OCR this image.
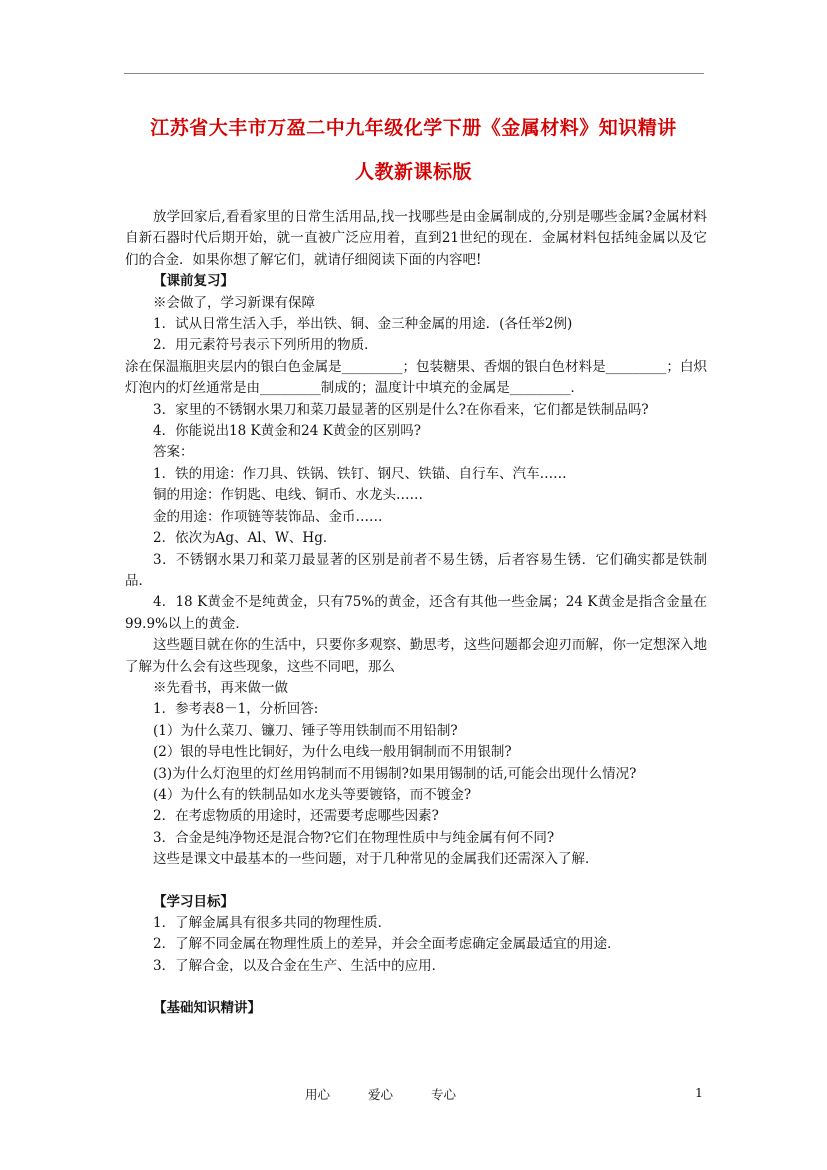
江苏省大丰市万盈二中九年级化学下册《金属材料》知识精讲
人教新课标版

放学回家后,看看家里的日常生活用品,找一找哪些是由金属制成的,分别是哪些金属?金属材料自新石器时代后期开始，就一直被广泛应用着，直到21世纪的现在．金属材料包括纯金属以及它们的合金．如果你想了解它们，就请仔细阅读下面的内容吧!

【课前复习】

※会做了，学习新课有保障

1．试从日常生活入手，举出铁、铜、金三种金属的用途．(各任举2例)

2．用元素符号表示下列所用的物质．

涂在保温瓶胆夹层内的银白色金属是_________；包装糖果、香烟的银白色材料是_________；白炽灯泡内的灯丝通常是由_________制成的；温度计中填充的金属是_________．

3．家里的不锈钢水果刀和菜刀最显著的区别是什么?在你看来，它们都是铁制品吗?

4．你能说出18 K黄金和24 K黄金的区别吗?

答案：

1．铁的用途：作刀具、铁锅、铁钉、钢尺、铁锚、自行车、汽车……

铜的用途：作钥匙、电线、铜币、水龙头……

金的用途：作项链等装饰品、金币……

2．依次为Ag、Al、W、Hg．

3．不锈钢水果刀和菜刀最显著的区别是前者不易生锈，后者容易生锈．它们确实都是铁制品．

4．18 K黄金不是纯黄金，只有75%的黄金，还含有其他一些金属；24 K黄金是指含金量在99.9%以上的黄金．

这些题目就在你的生活中，只要你多观察、勤思考，这些问题都会迎刃而解，你一定想深入地了解为什么会有这些现象，这些不同吧，那么

※先看书，再来做一做

1．参考表8－1，分析回答:

(1）为什么菜刀、镰刀、锤子等用铁制而不用铅制?

(2）银的导电性比铜好，为什么电线一般用铜制而不用银制?

(3)为什么灯泡里的灯丝用钨制而不用锡制?如果用锡制的话,可能会出现什么情况?

(4）为什么有的铁制品如水龙头等要镀铬，而不镀金?

2．在考虑物质的用途时，还需要考虑哪些因素?

3．合金是纯净物还是混合物?它们在物理性质中与纯金属有何不同?

这些是课文中最基本的一些问题，对于几种常见的金属我们还需深入了解．

【学习目标】

1．了解金属具有很多共同的物理性质．

2．了解不同金属在物理性质上的差异，并会全面考虑确定金属最适宜的用途．

3．了解合金，以及合金在生产、生活中的应用．

【基础知识精讲】

用心	爱心	专心	1
